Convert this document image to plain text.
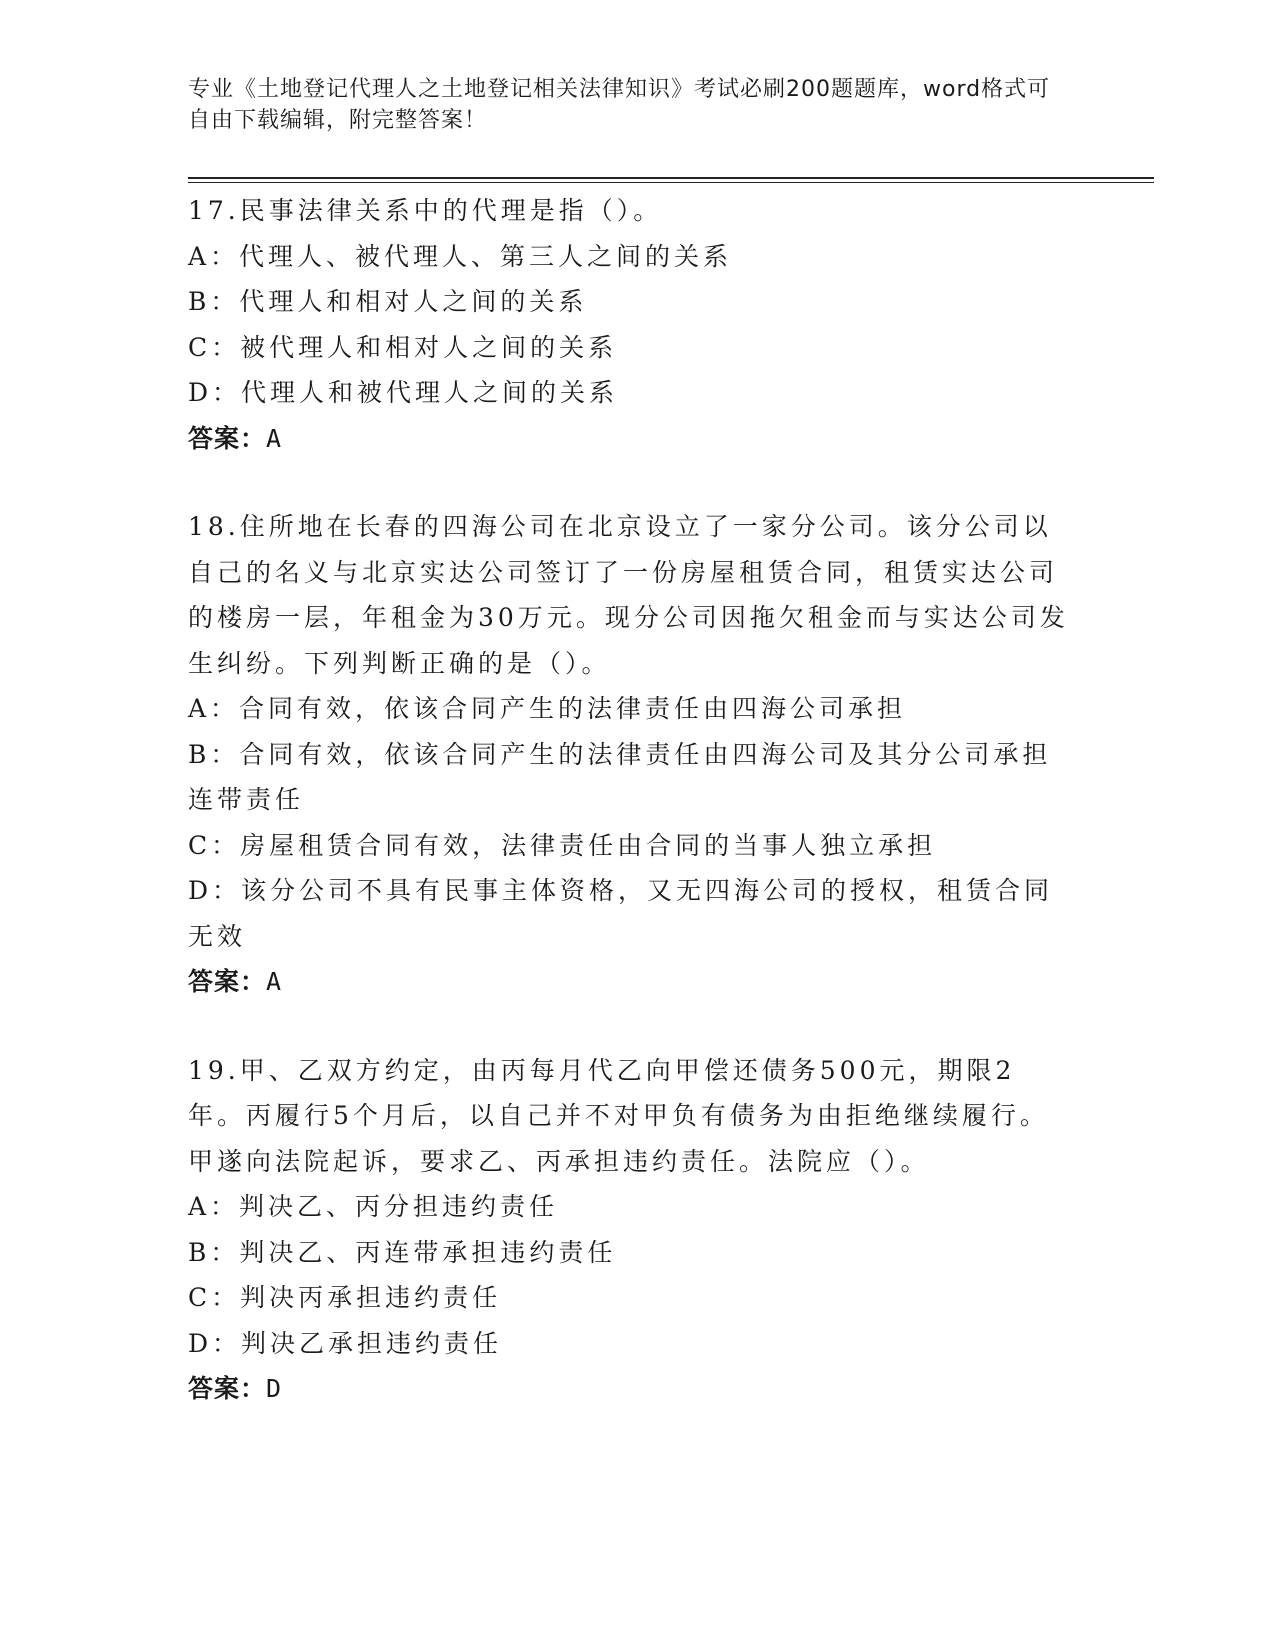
专业《土地登记代理人之土地登记相关法律知识》考试必刷200题题库，word格式可自由下载编辑，附完整答案！

17.民事法律关系中的代理是指（）。

A：代理人、被代理人、第三人之间的关系

B：代理人和相对人之间的关系

C：被代理人和相对人之间的关系

D：代理人和被代理人之间的关系

答案：A

18.住所地在长春的四海公司在北京设立了一家分公司。该分公司以自己的名义与北京实达公司签订了一份房屋租赁合同，租赁实达公司的楼房一层，年租金为30万元。现分公司因拖欠租金而与实达公司发生纠纷。下列判断正确的是（）。

A：合同有效，依该合同产生的法律责任由四海公司承担

B：合同有效，依该合同产生的法律责任由四海公司及其分公司承担连带责任

C：房屋租赁合同有效，法律责任由合同的当事人独立承担

D：该分公司不具有民事主体资格，又无四海公司的授权，租赁合同无效

答案：A

19.甲、乙双方约定，由丙每月代乙向甲偿还债务500元，期限2年。丙履行5个月后，以自己并不对甲负有债务为由拒绝继续履行。甲遂向法院起诉，要求乙、丙承担违约责任。法院应（）。

A：判决乙、丙分担违约责任

B：判决乙、丙连带承担违约责任

C：判决丙承担违约责任

D：判决乙承担违约责任

答案：D
